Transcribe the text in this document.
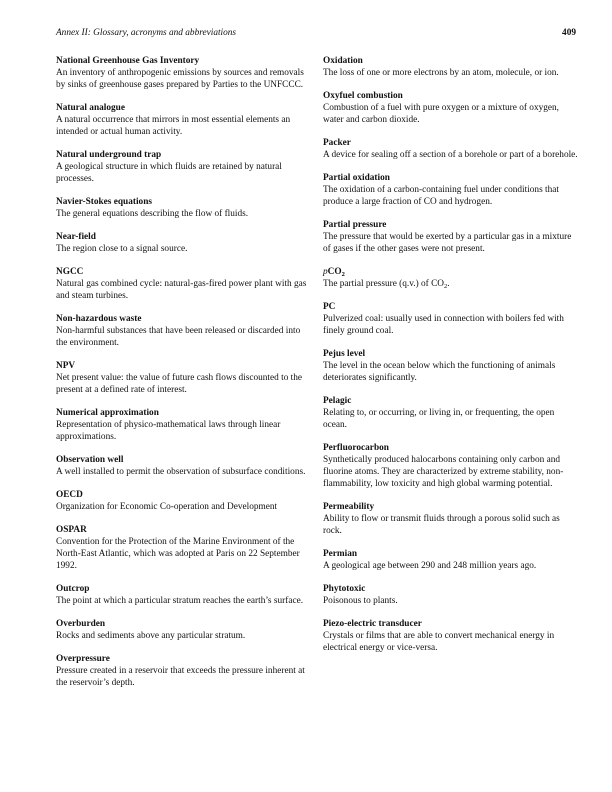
Annex II: Glossary, acronyms and abbreviations	409

National Greenhouse Gas Inventory

An inventory of anthropogenic emissions by sources and removals by sinks of greenhouse gases prepared by Parties to the UNFCCC.

Natural analogue

A natural occurrence that mirrors in most essential elements an intended or actual human activity.

Natural underground trap

A geological structure in which fluids are retained by natural processes.

Navier-Stokes equations

The general equations describing the flow of fluids.

Near-field

The region close to a signal source.

NGCC

Natural gas combined cycle: natural-gas-fired power plant with gas and steam turbines.

Non-hazardous waste

Non-harmful substances that have been released or discarded into the environment.

NPV

Net present value: the value of future cash flows discounted to the present at a defined rate of interest.

Numerical approximation

Representation of physico-mathematical laws through linear approximations.

Observation well

A well installed to permit the observation of subsurface conditions.

OECD

Organization for Economic Co-operation and Development

OSPAR

Convention for the Protection of the Marine Environment of the North-East Atlantic, which was adopted at Paris on 22 September 1992.

Outcrop

The point at which a particular stratum reaches the earth’s surface.

Overburden

Rocks and sediments above any particular stratum.

Overpressure

Pressure created in a reservoir that exceeds the pressure inherent at the reservoir’s depth.

Oxidation

The loss of one or more electrons by an atom, molecule, or ion.

Oxyfuel combustion

Combustion of a fuel with pure oxygen or a mixture of oxygen, water and carbon dioxide.

Packer

A device for sealing off a section of a borehole or part of a borehole.

Partial oxidation

The oxidation of a carbon-containing fuel under conditions that produce a large fraction of CO and hydrogen.

Partial pressure

The pressure that would be exerted by a particular gas in a mixture of gases if the other gases were not present.

pCO$_2$

The partial pressure (q.v.) of $CO_2$.

PC

Pulverized coal: usually used in connection with boilers fed with finely ground coal.

Pejus level

The level in the ocean below which the functioning of animals deteriorates significantly.

Pelagic

Relating to, or occurring, or living in, or frequenting, the open ocean.

Perfluorocarbon

Synthetically produced halocarbons containing only carbon and fluorine atoms. They are characterized by extreme stability, non-flammability, low toxicity and high global warming potential.

Permeability

Ability to flow or transmit fluids through a porous solid such as rock.

Permian

A geological age between 290 and 248 million years ago.

Phytotoxic

Poisonous to plants.

Piezo-electric transducer

Crystals or films that are able to convert mechanical energy in electrical energy or vice-versa.
